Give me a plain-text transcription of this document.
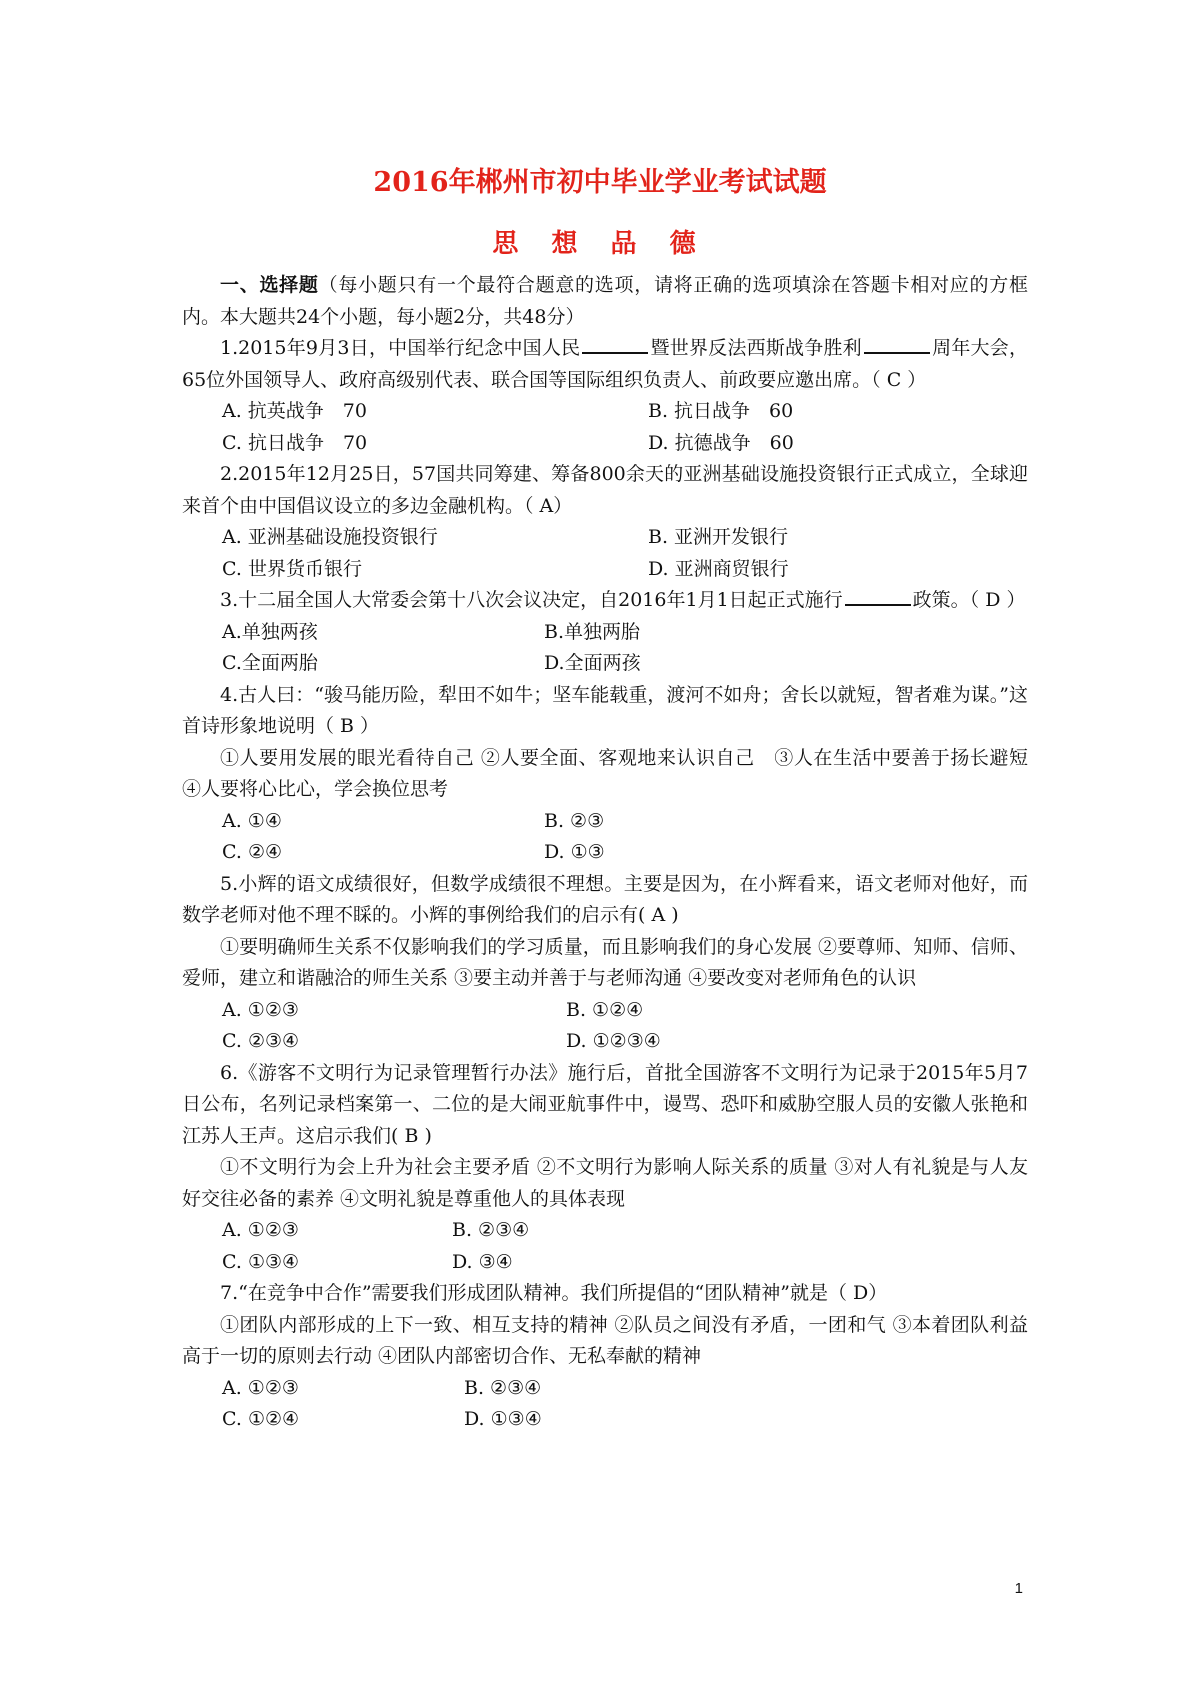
2016年郴州市初中毕业学业考试试题
思 想 品 德

一、选择题（每小题只有一个最符合题意的选项，请将正确的选项填涂在答题卡相对应的方框内。本大题共24个小题，每小题2分，共48分）

1.2015年9月3日，中国举行纪念中国人民	暨世界反法西斯战争胜利	周年大会，65位外国领导人、政府高级别代表、联合国等国际组织负责人、前政要应邀出席。（ C ）

A. 抗英战争　70	B. 抗日战争　60
C. 抗日战争　70	D. 抗德战争　60

2.2015年12月25日，57国共同筹建、筹备800余天的亚洲基础设施投资银行正式成立，全球迎来首个由中国倡议设立的多边金融机构。（ A）

A. 亚洲基础设施投资银行	B. 亚洲开发银行
C. 世界货币银行	D. 亚洲商贸银行

3.十二届全国人大常委会第十八次会议决定，自2016年1月1日起正式施行	政策。（ D ）

A.单独两孩	B.单独两胎
C.全面两胎	D.全面两孩

4.古人曰：“骏马能历险，犁田不如牛；坚车能载重，渡河不如舟；舍长以就短，智者难为谋。”这首诗形象地说明（ B ）

①人要用发展的眼光看待自己 ②人要全面、客观地来认识自己　③人在生活中要善于扬长避短 ④人要将心比心，学会换位思考

A. ①④	B. ②③
C. ②④	D. ①③

5.小辉的语文成绩很好，但数学成绩很不理想。主要是因为，在小辉看来，语文老师对他好，而数学老师对他不理不睬的。小辉的事例给我们的启示有( A )

①要明确师生关系不仅影响我们的学习质量，而且影响我们的身心发展 ②要尊师、知师、信师、爱师，建立和谐融洽的师生关系 ③要主动并善于与老师沟通 ④要改变对老师角色的认识

A. ①②③	B. ①②④
C. ②③④	D. ①②③④

6.《游客不文明行为记录管理暂行办法》施行后，首批全国游客不文明行为记录于2015年5月7日公布，名列记录档案第一、二位的是大闹亚航事件中，谩骂、恐吓和威胁空服人员的安徽人张艳和江苏人王声。这启示我们( B )

①不文明行为会上升为社会主要矛盾 ②不文明行为影响人际关系的质量 ③对人有礼貌是与人友好交往必备的素养 ④文明礼貌是尊重他人的具体表现

A. ①②③	B. ②③④
C. ①③④	D. ③④

7.“在竞争中合作”需要我们形成团队精神。我们所提倡的“团队精神”就是（ D）

①团队内部形成的上下一致、相互支持的精神 ②队员之间没有矛盾，一团和气 ③本着团队利益高于一切的原则去行动 ④团队内部密切合作、无私奉献的精神

A. ①②③	B. ②③④
C. ①②④	D. ①③④
1
